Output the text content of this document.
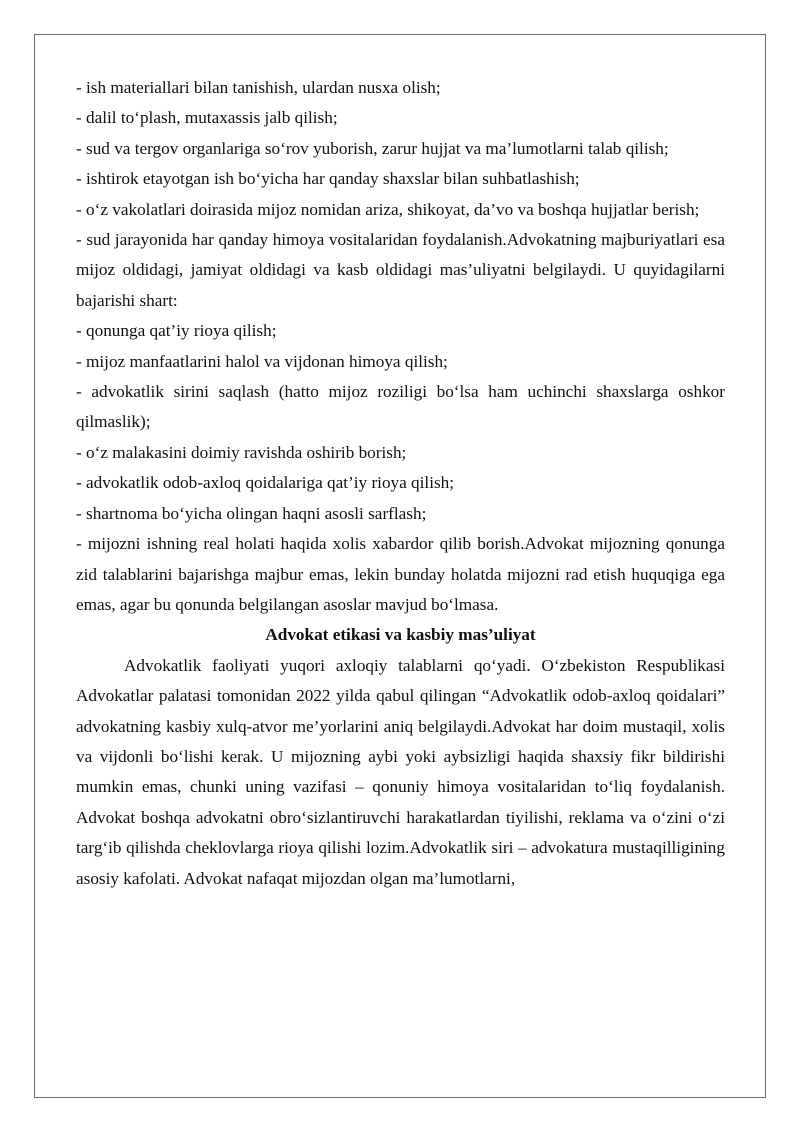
- ish materiallari bilan tanishish, ulardan nusxa olish;

- dalil to‘plash, mutaxassis jalb qilish;

- sud va tergov organlariga so‘rov yuborish, zarur hujjat va ma’lumotlarni talab qilish;

- ishtirok etayotgan ish bo‘yicha har qanday shaxslar bilan suhbatlashish;

- o‘z vakolatlari doirasida mijoz nomidan ariza, shikoyat, da’vo va boshqa hujjatlar berish;

- sud jarayonida har qanday himoya vositalaridan foydalanish.Advokatning majburiyatlari esa mijoz oldidagi, jamiyat oldidagi va kasb oldidagi mas’uliyatni belgilaydi. U quyidagilarni bajarishi shart:

- qonunga qat’iy rioya qilish;

- mijoz manfaatlarini halol va vijdonan himoya qilish;

- advokatlik sirini saqlash (hatto mijoz roziligi bo‘lsa ham uchinchi shaxslarga oshkor qilmaslik);

- o‘z malakasini doimiy ravishda oshirib borish;

- advokatlik odob-axloq qoidalariga qat’iy rioya qilish;

- shartnoma bo‘yicha olingan haqni asosli sarflash;

- mijozni ishning real holati haqida xolis xabardor qilib borish.Advokat mijozning qonunga zid talablarini bajarishga majbur emas, lekin bunday holatda mijozni rad etish huquqiga ega emas, agar bu qonunda belgilangan asoslar mavjud bo‘lmasa.

Advokat etikasi va kasbiy mas’uliyat

Advokatlik faoliyati yuqori axloqiy talablarni qo‘yadi. O‘zbekiston Respublikasi Advokatlar palatasi tomonidan 2022 yilda qabul qilingan “Advokatlik odob-axloq qoidalari” advokatning kasbiy xulq-atvor me’yorlarini aniq belgilaydi.Advokat har doim mustaqil, xolis va vijdonli bo‘lishi kerak. U mijozning aybi yoki aybsizligi haqida shaxsiy fikr bildirishi mumkin emas, chunki uning vazifasi – qonuniy himoya vositalaridan to‘liq foydalanish. Advokat boshqa advokatni obro‘sizlantiruvchi harakatlardan tiyilishi, reklama va o‘zini o‘zi targ‘ib qilishda cheklovlarga rioya qilishi lozim.Advokatlik siri – advokatura mustaqilligining asosiy kafolati. Advokat nafaqat mijozdan olgan ma’lumotlarni,
